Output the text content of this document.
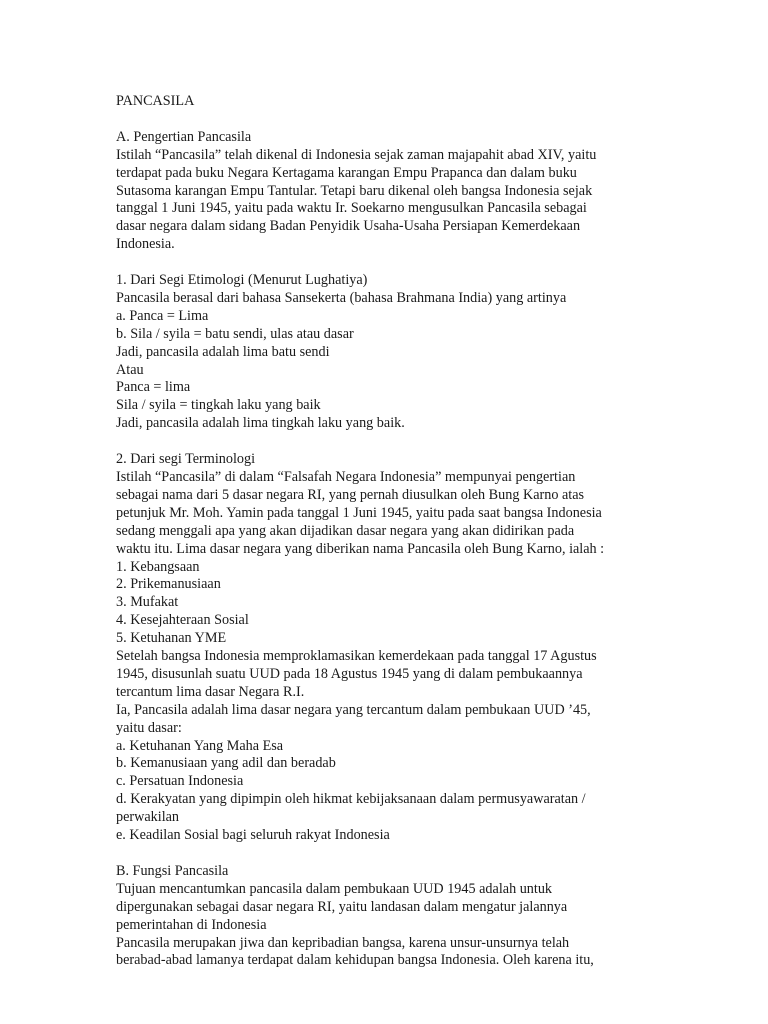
PANCASILA
A. Pengertian Pancasila
Istilah “Pancasila” telah dikenal di Indonesia sejak zaman majapahit abad XIV, yaitu
terdapat pada buku Negara Kertagama karangan Empu Prapanca dan dalam buku
Sutasoma karangan Empu Tantular. Tetapi baru dikenal oleh bangsa Indonesia sejak
tanggal 1 Juni 1945, yaitu pada waktu Ir. Soekarno mengusulkan Pancasila sebagai
dasar negara dalam sidang Badan Penyidik Usaha-Usaha Persiapan Kemerdekaan
Indonesia.
1. Dari Segi Etimologi (Menurut Lughatiya)
Pancasila berasal dari bahasa Sansekerta (bahasa Brahmana India) yang artinya
a. Panca = Lima
b. Sila / syila = batu sendi, ulas atau dasar
Jadi, pancasila adalah lima batu sendi
Atau
Panca = lima
Sila / syila = tingkah laku yang baik
Jadi, pancasila adalah lima tingkah laku yang baik.
2. Dari segi Terminologi
Istilah “Pancasila” di dalam “Falsafah Negara Indonesia” mempunyai pengertian
sebagai nama dari 5 dasar negara RI, yang pernah diusulkan oleh Bung Karno atas
petunjuk Mr. Moh. Yamin pada tanggal 1 Juni 1945, yaitu pada saat bangsa Indonesia
sedang menggali apa yang akan dijadikan dasar negara yang akan didirikan pada
waktu itu. Lima dasar negara yang diberikan nama Pancasila oleh Bung Karno, ialah :
1. Kebangsaan
2. Prikemanusiaan
3. Mufakat
4. Kesejahteraan Sosial
5. Ketuhanan YME
Setelah bangsa Indonesia memproklamasikan kemerdekaan pada tanggal 17 Agustus
1945, disusunlah suatu UUD pada 18 Agustus 1945 yang di dalam pembukaannya
tercantum lima dasar Negara R.I.
Ia, Pancasila adalah lima dasar negara yang tercantum dalam pembukaan UUD ’45,
yaitu dasar:
a. Ketuhanan Yang Maha Esa
b. Kemanusiaan yang adil dan beradab
c. Persatuan Indonesia
d. Kerakyatan yang dipimpin oleh hikmat kebijaksanaan dalam permusyawaratan /
perwakilan
e. Keadilan Sosial bagi seluruh rakyat Indonesia
B. Fungsi Pancasila
Tujuan mencantumkan pancasila dalam pembukaan UUD 1945 adalah untuk
dipergunakan sebagai dasar negara RI, yaitu landasan dalam mengatur jalannya
pemerintahan di Indonesia
Pancasila merupakan jiwa dan kepribadian bangsa, karena unsur-unsurnya telah
berabad-abad lamanya terdapat dalam kehidupan bangsa Indonesia. Oleh karena itu,
